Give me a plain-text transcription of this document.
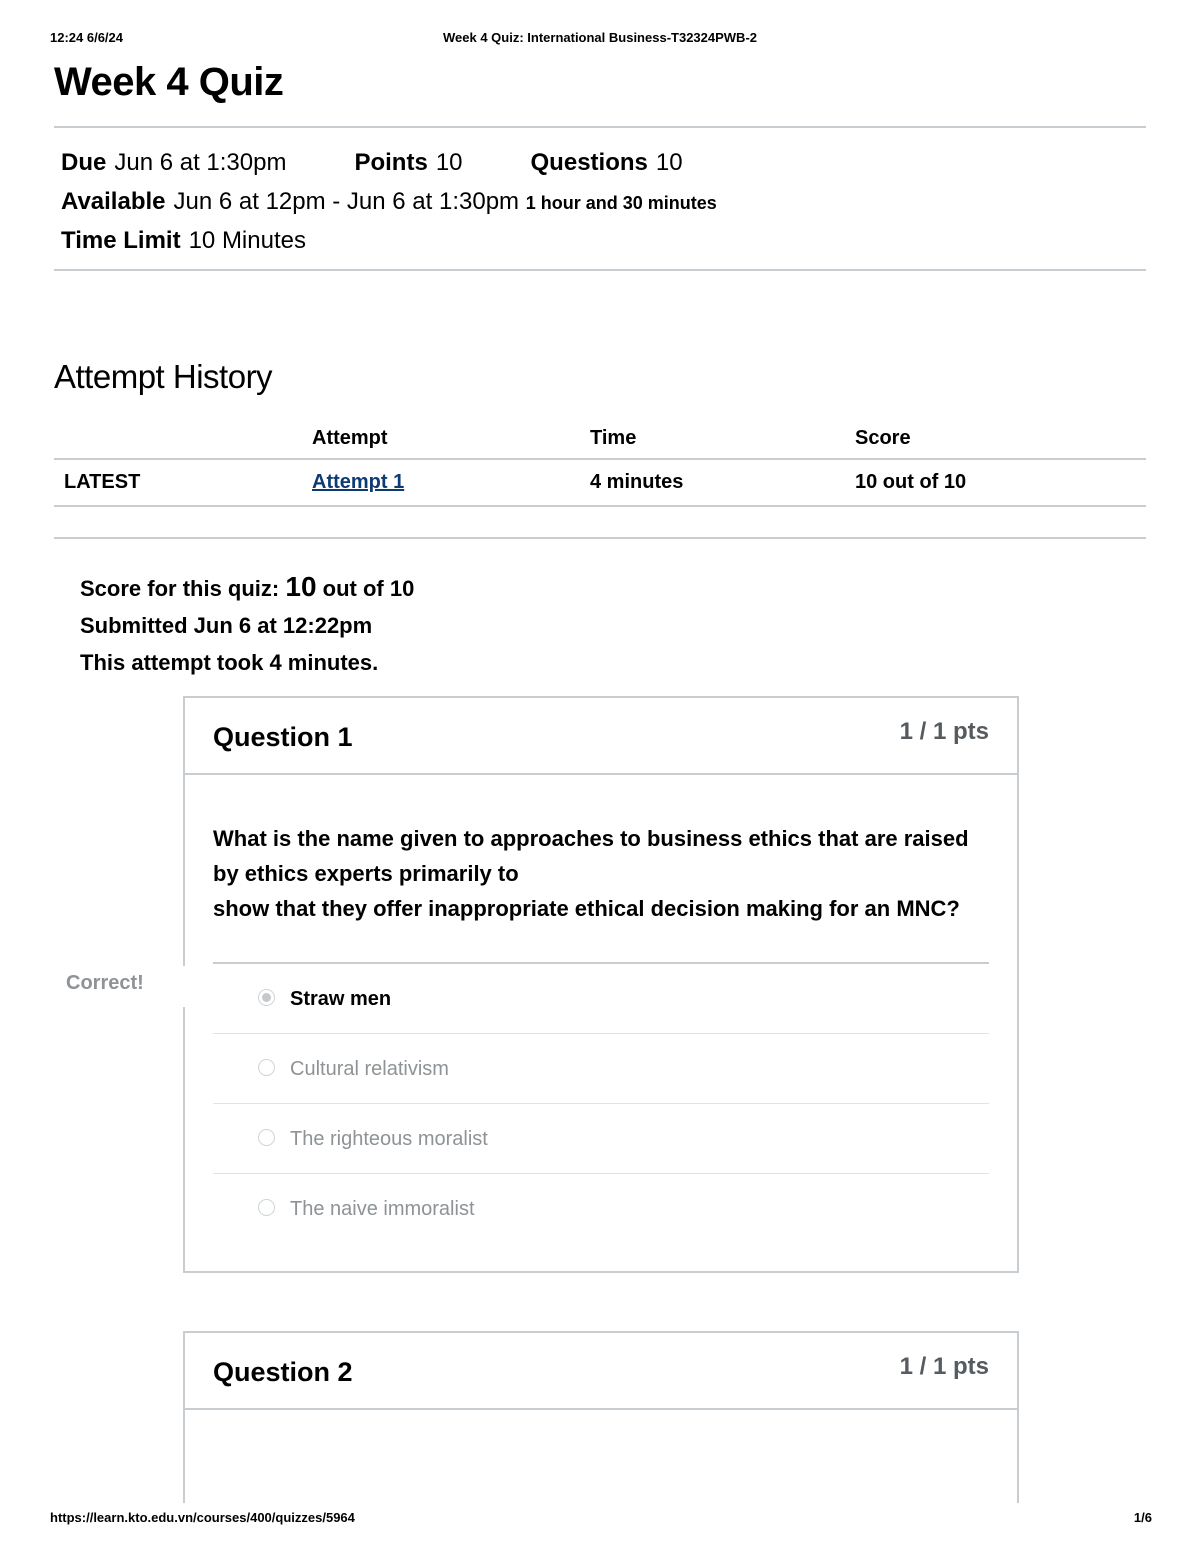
12:24 6/6/24	Week 4 Quiz: International Business-T32324PWB-2
Week 4 Quiz
Due Jun 6 at 1:30pm	Points 10	Questions 10
Available Jun 6 at 12pm - Jun 6 at 1:30pm 1 hour and 30 minutes
Time Limit 10 Minutes
Attempt History
	Attempt	Time	Score
LATEST	Attempt 1	4 minutes	10 out of 10
Score for this quiz: 10 out of 10
Submitted Jun 6 at 12:22pm
This attempt took 4 minutes.
Question 1	1 / 1 pts
What is the name given to approaches to business ethics that are raised
by ethics experts primarily to
show that they offer inappropriate ethical decision making for an MNC?
Straw men
Cultural relativism
The righteous moralist
The naive immoralist
Correct!
Question 2	1 / 1 pts
https://learn.kto.edu.vn/courses/400/quizzes/5964	1/6
